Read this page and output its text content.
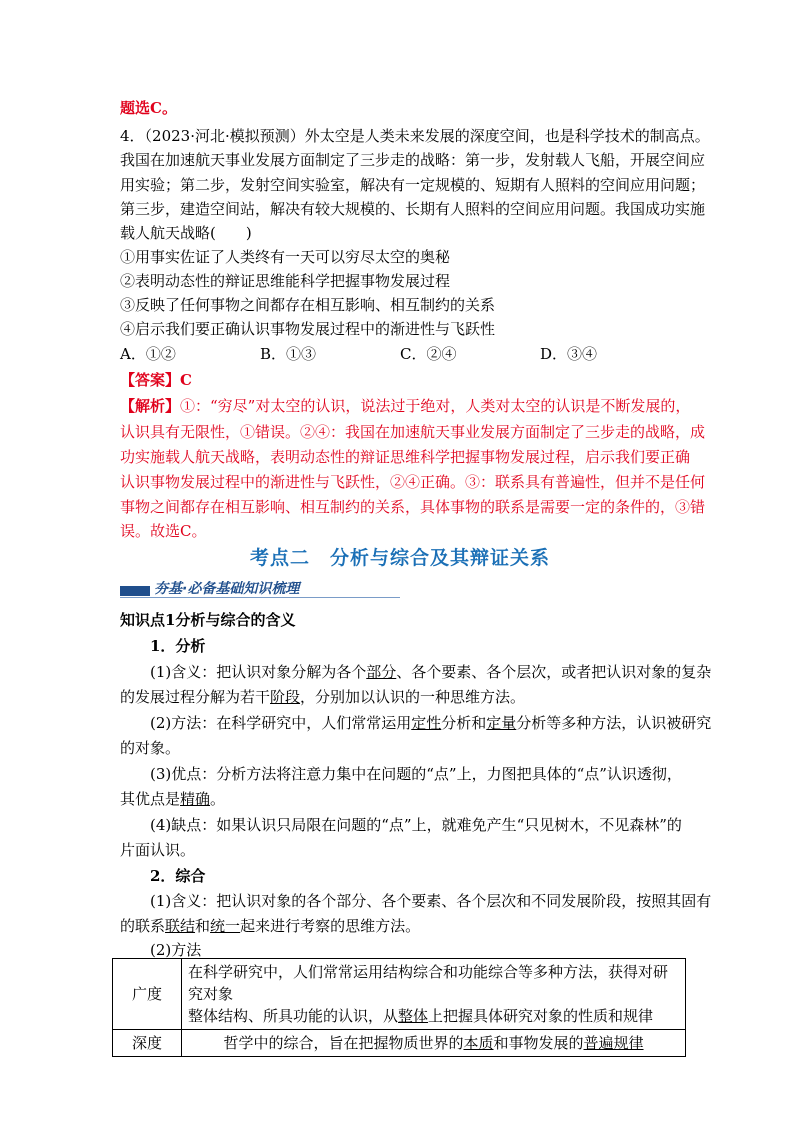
题选C。
4．（2023·河北·模拟预测）外太空是人类未来发展的深度空间，也是科学技术的制高点。
我国在加速航天事业发展方面制定了三步走的战略：第一步，发射载人飞船，开展空间应
用实验；第二步，发射空间实验室，解决有一定规模的、短期有人照料的空间应用问题；
第三步，建造空间站，解决有较大规模的、长期有人照料的空间应用问题。我国成功实施
载人航天战略(　　)
①用事实佐证了人类终有一天可以穷尽太空的奥秘
②表明动态性的辩证思维能科学把握事物发展过程
③反映了任何事物之间都存在相互影响、相互制约的关系
④启示我们要正确认识事物发展过程中的渐进性与飞跃性
A．①②	B．①③	C．②④	D．③④
【答案】C
【解析】①：“穷尽”对太空的认识，说法过于绝对，人类对太空的认识是不断发展的，
认识具有无限性，①错误。②④：我国在加速航天事业发展方面制定了三步走的战略，成
功实施载人航天战略，表明动态性的辩证思维科学把握事物发展过程，启示我们要正确
认识事物发展过程中的渐进性与飞跃性，②④正确。③：联系具有普遍性，但并不是任何
事物之间都存在相互影响、相互制约的关系，具体事物的联系是需要一定的条件的，③错
误。故选C。
考点二　分析与综合及其辩证关系
夯基·必备基础知识梳理
知识点1分析与综合的含义
1．分析
(1)含义：把认识对象分解为各个部分、各个要素、各个层次，或者把认识对象的复杂
的发展过程分解为若干阶段，分别加以认识的一种思维方法。
(2)方法：在科学研究中，人们常常运用定性分析和定量分析等多种方法，认识被研究
的对象。
(3)优点：分析方法将注意力集中在问题的“点”上，力图把具体的“点”认识透彻，
其优点是精确。
(4)缺点：如果认识只局限在问题的“点”上，就难免产生“只见树木，不见森林”的
片面认识。
2．综合
(1)含义：把认识对象的各个部分、各个要素、各个层次和不同发展阶段，按照其固有
的联系联结和统一起来进行考察的思维方法。
(2)方法
广度	在科学研究中，人们常常运用结构综合和功能综合等多种方法，获得对研究对象
整体结构、所具功能的认识，从整体上把握具体研究对象的性质和规律

深度	哲学中的综合，旨在把握物质世界的本质和事物发展的普遍规律
